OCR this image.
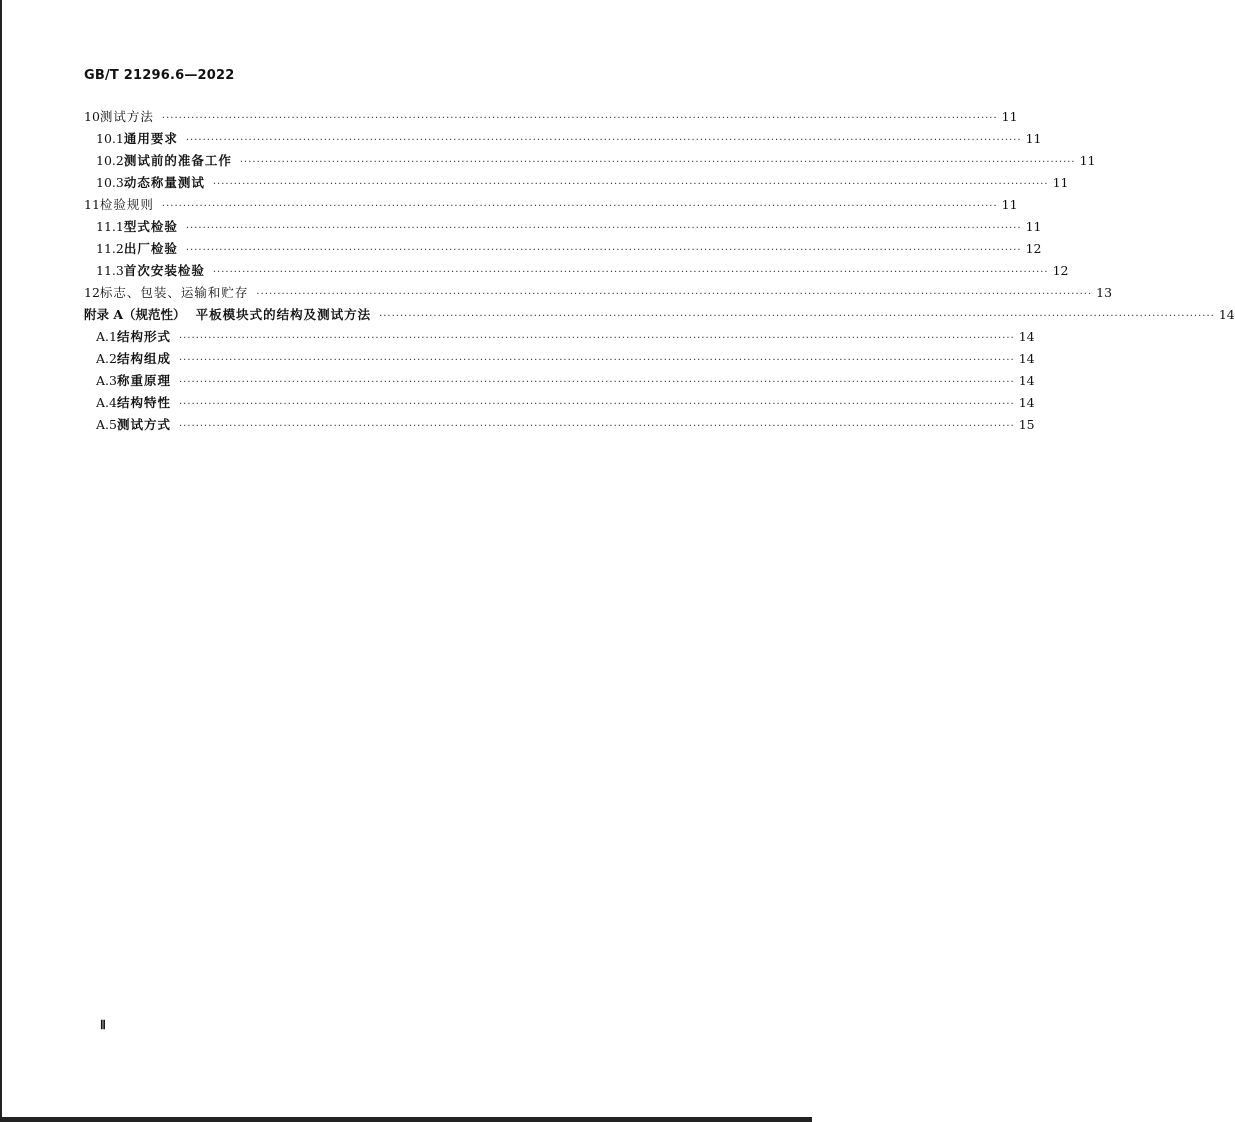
GB/T 21296.6—2022
10 测试方法 ········································································································································································································ 11
10.1 通用要求 ········································································································································································································ 11
10.2 测试前的准备工作 ········································································································································································································ 11
10.3 动态称量测试 ········································································································································································································ 11
11 检验规则 ········································································································································································································ 11
11.1 型式检验 ········································································································································································································ 11
11.2 出厂检验 ········································································································································································································ 12
11.3 首次安装检验 ········································································································································································································ 12
12 标志、包装、运输和贮存 ········································································································································································································ 13
附录 A（规范性） 平板模块式的结构及测试方法 ········································································································································································································ 14
A.1 结构形式 ········································································································································································································ 14
A.2 结构组成 ········································································································································································································ 14
A.3 称重原理 ········································································································································································································ 14
A.4 结构特性 ········································································································································································································ 14
A.5 测试方式 ········································································································································································································ 15
Ⅱ
